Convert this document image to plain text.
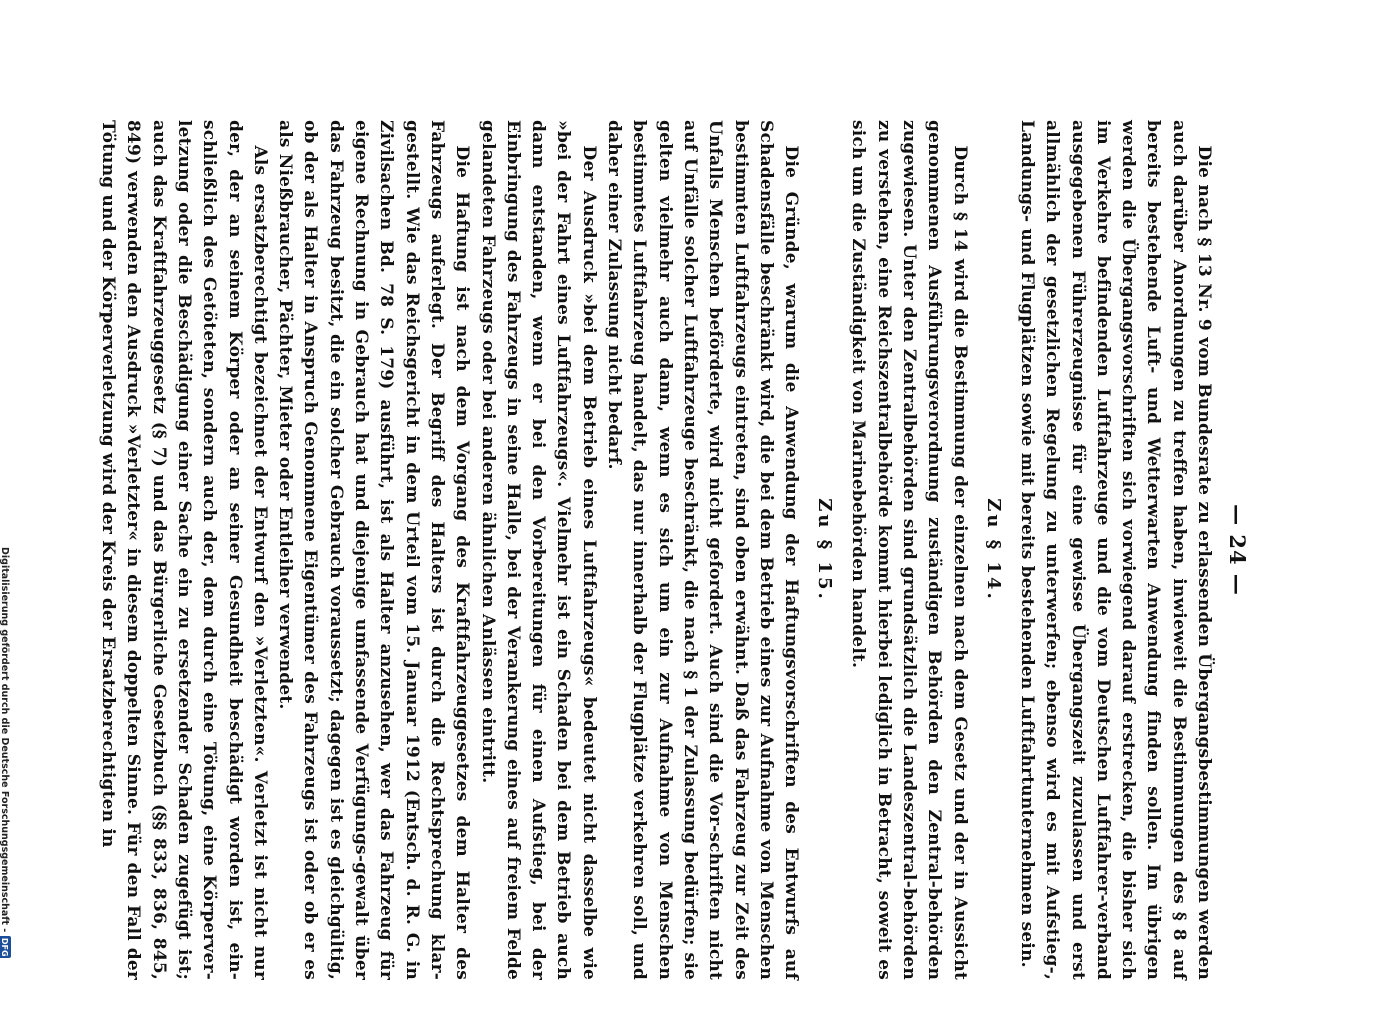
Digitalisierung gefördert durch die Deutsche Forschungsgemeinschaft -
DFG
— 24 —

Die nach § 13 Nr. 9 vom Bundesrate zu erlassenden Übergangsbestimmungen werden auch darüber Anordnungen zu treffen haben, inwieweit die Bestimmungen des § 8 auf bereits bestehende Luft- und Wetterwarten Anwendung finden sollen. Im übrigen werden die Übergangsvorschriften sich vorwiegend darauf erstrecken, die bisher sich im Verkehre befindenden Luftfahrzeuge und die vom Deutschen Luftfahrer-verband ausgegebenen Führerzeugnisse für eine gewisse Übergangszeit zuzulassen und erst allmählich der gesetzlichen Regelung zu unterwerfen; ebenso wird es mit Aufstieg-, Landungs- und Flugplätzen sowie mit bereits bestehenden Luftfahrtunternehmen sein.

Zu § 14.

Durch § 14 wird die Bestimmung der einzelnen nach dem Gesetz und der in Aussicht genommenen Ausführungsverordnung zuständigen Behörden den Zentral-behörden zugewiesen. Unter den Zentralbehörden sind grundsätzlich die Landeszentral-behörden zu verstehen, eine Reichszentralbehörde kommt hierbei lediglich in Betracht, soweit es sich um die Zuständigkeit von Marinebehörden handelt.

Zu § 15.

Die Gründe, warum die Anwendung der Haftungsvorschriften des Entwurfs auf Schadensfälle beschränkt wird, die bei dem Betrieb eines zur Aufnahme von Menschen bestimmten Luftfahrzeugs eintreten, sind oben erwähnt. Daß das Fahrzeug zur Zeit des Unfalls Menschen beförderte, wird nicht gefordert. Auch sind die Vor-schriften nicht auf Unfälle solcher Luftfahrzeuge beschränkt, die nach § 1 der Zulassung bedürfen; sie gelten vielmehr auch dann, wenn es sich um ein zur Aufnahme von Menschen bestimmtes Luftfahrzeug handelt, das nur innerhalb der Flugplätze verkehren soll, und daher einer Zulassung nicht bedarf.

Der Ausdruck »bei dem Betrieb eines Luftfahrzeugs« bedeutet nicht dasselbe wie »bei der Fahrt eines Luftfahrzeugs«. Vielmehr ist ein Schaden bei dem Betrieb auch dann entstanden, wenn er bei den Vorbereitungen für einen Aufstieg, bei der Einbringung des Fahrzeugs in seine Halle, bei der Verankerung eines auf freiem Felde gelandeten Fahrzeugs oder bei anderen ähnlichen Anlässen eintritt.

Die Haftung ist nach dem Vorgang des Kraftfahrzeuggesetzes dem Halter des Fahrzeugs auferlegt. Der Begriff des Halters ist durch die Rechtsprechung klar-gestellt. Wie das Reichsgericht in dem Urteil vom 15. Januar 1912 (Entsch. d. R. G. in Zivilsachen Bd. 78 S. 179) ausführt, ist als Halter anzusehen, wer das Fahrzeug für eigene Rechnung in Gebrauch hat und diejenige umfassende Verfügungs-gewalt über das Fahrzeug besitzt, die ein solcher Gebrauch voraussetzt; dagegen ist es gleichgültig, ob der als Halter in Anspruch Genommene Eigentümer des Fahrzeugs ist oder ob er es als Nießbraucher, Pächter, Mieter oder Entleiher verwendet.

Als ersatzberechtigt bezeichnet der Entwurf den »Verletzten«. Verletzt ist nicht nur der, der an seinem Körper oder an seiner Gesundheit beschädigt worden ist, ein-schließlich des Getöteten, sondern auch der, dem durch eine Tötung, eine Körperver-letzung oder die Beschädigung einer Sache ein zu ersetzender Schaden zugefügt ist; auch das Kraftfahrzeuggesetz (§ 7) und das Bürgerliche Gesetzbuch (§§ 833, 836, 845, 849) verwenden den Ausdruck »Verletzter« in diesem doppelten Sinne. Für den Fall der Tötung und der Körperverletzung wird der Kreis der Ersatzberechtigten in
